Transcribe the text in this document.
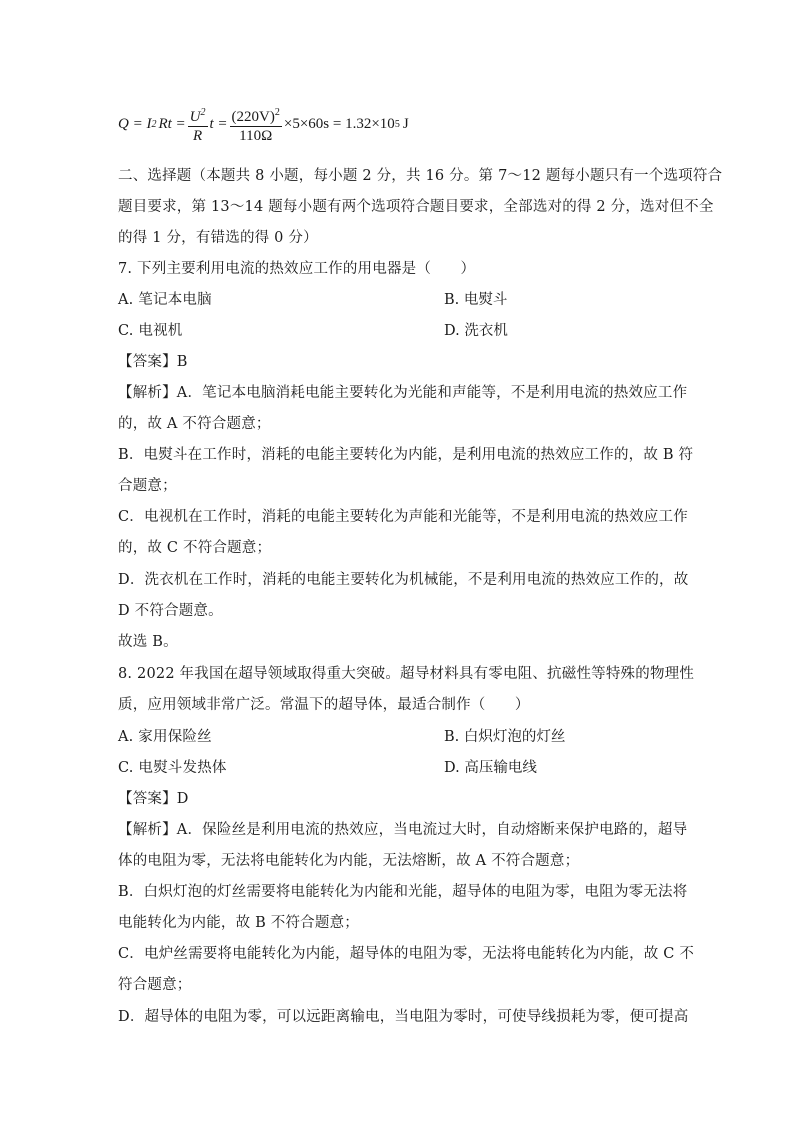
Q = I 2 $Rt = \frac{U^2}{R}$ $t = \frac{(220V)^2}{110\Omega} \times 5\times 60s = 1.32\times 10$ 5 J
二、选择题（本题共 8 小题，每小题 2 分，共 16 分。第 7～12 题每小题只有一个选项符合
题目要求，第 13～14 题每小题有两个选项符合题目要求，全部选对的得 2 分，选对但不全
的得 1 分，有错选的得 0 分）
7. 下列主要利用电流的热效应工作的用电器是（　　）
A. 笔记本电脑	B. 电熨斗
C. 电视机	D. 洗衣机
【答案】B
【解析】A．笔记本电脑消耗电能主要转化为光能和声能等，不是利用电流的热效应工作
的，故 A 不符合题意；
B．电熨斗在工作时，消耗的电能主要转化为内能，是利用电流的热效应工作的，故 B 符
合题意；
C．电视机在工作时，消耗的电能主要转化为声能和光能等，不是利用电流的热效应工作
的，故 C 不符合题意；
D．洗衣机在工作时，消耗的电能主要转化为机械能，不是利用电流的热效应工作的，故
D 不符合题意。
故选 B。
8. 2022 年我国在超导领域取得重大突破。超导材料具有零电阻、抗磁性等特殊的物理性
质，应用领域非常广泛。常温下的超导体，最适合制作（　　）
A. 家用保险丝	B. 白炽灯泡的灯丝
C. 电熨斗发热体	D. 高压输电线
【答案】D
【解析】A．保险丝是利用电流的热效应，当电流过大时，自动熔断来保护电路的，超导
体的电阻为零，无法将电能转化为内能，无法熔断，故 A 不符合题意；
B．白炽灯泡的灯丝需要将电能转化为内能和光能，超导体的电阻为零，电阻为零无法将
电能转化为内能，故 B 不符合题意；
C．电炉丝需要将电能转化为内能，超导体的电阻为零，无法将电能转化为内能，故 C 不
符合题意；
D．超导体的电阻为零，可以远距离输电，当电阻为零时，可使导线损耗为零，便可提高
